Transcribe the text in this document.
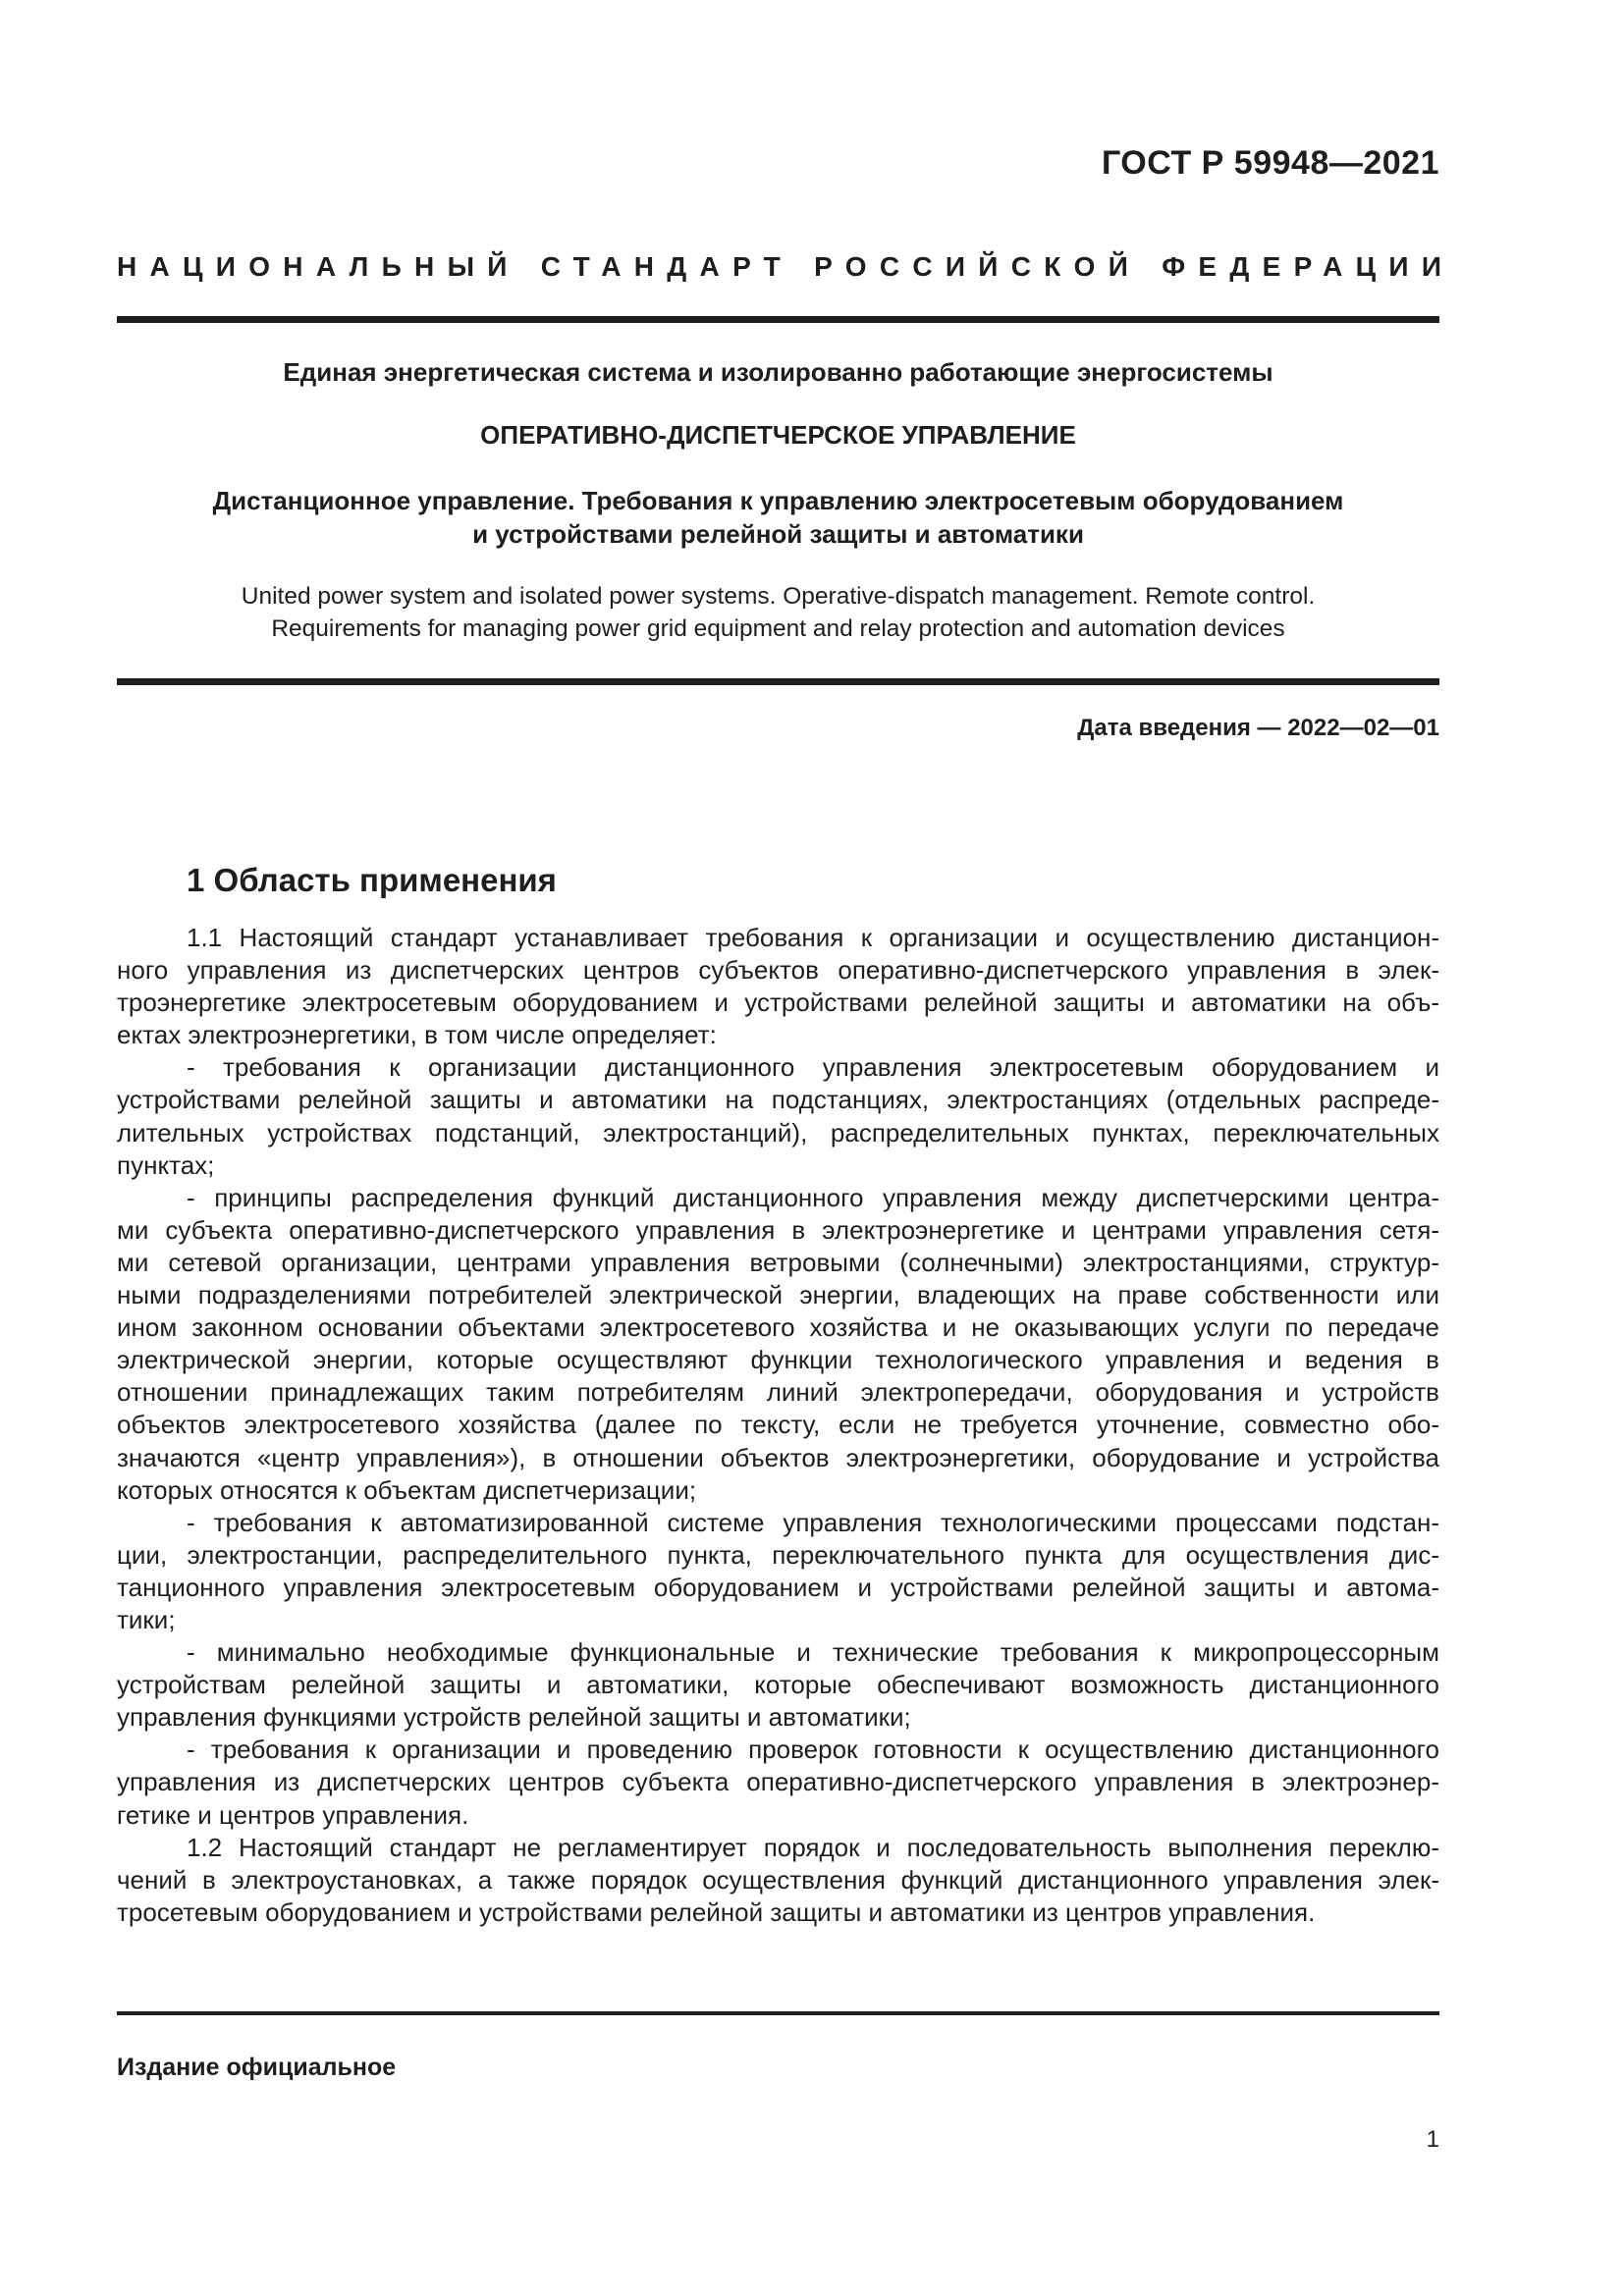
ГОСТ Р 59948—2021
НАЦИОНАЛЬНЫЙ СТАНДАРТ РОССИЙСКОЙ ФЕДЕРАЦИИ
Единая энергетическая система и изолированно работающие энергосистемы
ОПЕРАТИВНО-ДИСПЕТЧЕРСКОЕ УПРАВЛЕНИЕ
Дистанционное управление. Требования к управлению электросетевым оборудованием
и устройствами релейной защиты и автоматики
United power system and isolated power systems. Operative-dispatch management. Remote control.
Requirements for managing power grid equipment and relay protection and automation devices
Дата введения — 2022—02—01
1 Область применения
1.1 Настоящий стандарт устанавливает требования к организации и осуществлению дистанцион-
ного управления из диспетчерских центров субъектов оперативно-диспетчерского управления в элек-
троэнергетике электросетевым оборудованием и устройствами релейной защиты и автоматики на объ-
ектах электроэнергетики, в том числе определяет:
- требования к организации дистанционного управления электросетевым оборудованием и
устройствами релейной защиты и автоматики на подстанциях, электростанциях (отдельных распреде-
лительных устройствах подстанций, электростанций), распределительных пунктах, переключательных
пунктах;
- принципы распределения функций дистанционного управления между диспетчерскими центра-
ми субъекта оперативно-диспетчерского управления в электроэнергетике и центрами управления сетя-
ми сетевой организации, центрами управления ветровыми (солнечными) электростанциями, структур-
ными подразделениями потребителей электрической энергии, владеющих на праве собственности или
ином законном основании объектами электросетевого хозяйства и не оказывающих услуги по передаче
электрической энергии, которые осуществляют функции технологического управления и ведения в
отношении принадлежащих таким потребителям линий электропередачи, оборудования и устройств
объектов электросетевого хозяйства (далее по тексту, если не требуется уточнение, совместно обо-
значаются «центр управления»), в отношении объектов электроэнергетики, оборудование и устройства
которых относятся к объектам диспетчеризации;
- требования к автоматизированной системе управления технологическими процессами подстан-
ции, электростанции, распределительного пункта, переключательного пункта для осуществления дис-
танционного управления электросетевым оборудованием и устройствами релейной защиты и автома-
тики;
- минимально необходимые функциональные и технические требования к микропроцессорным
устройствам релейной защиты и автоматики, которые обеспечивают возможность дистанционного
управления функциями устройств релейной защиты и автоматики;
- требования к организации и проведению проверок готовности к осуществлению дистанционного
управления из диспетчерских центров субъекта оперативно-диспетчерского управления в электроэнер-
гетике и центров управления.
1.2 Настоящий стандарт не регламентирует порядок и последовательность выполнения переклю-
чений в электроустановках, а также порядок осуществления функций дистанционного управления элек-
тросетевым оборудованием и устройствами релейной защиты и автоматики из центров управления.
Издание официальное
1
